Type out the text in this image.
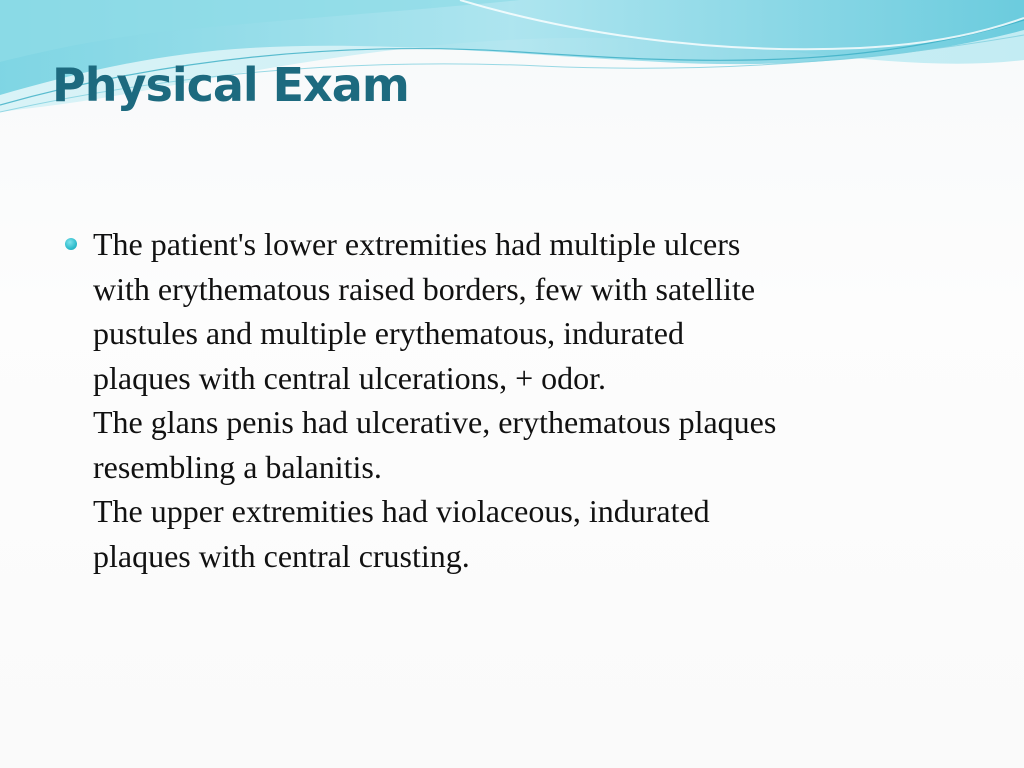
Physical Exam
The patient's lower extremities had multiple ulcers
with erythematous raised borders, few with satellite
pustules and multiple erythematous, indurated
plaques with central ulcerations, + odor.
The glans penis had ulcerative, erythematous plaques
resembling a balanitis.
The upper extremities had violaceous, indurated
plaques with central crusting.
